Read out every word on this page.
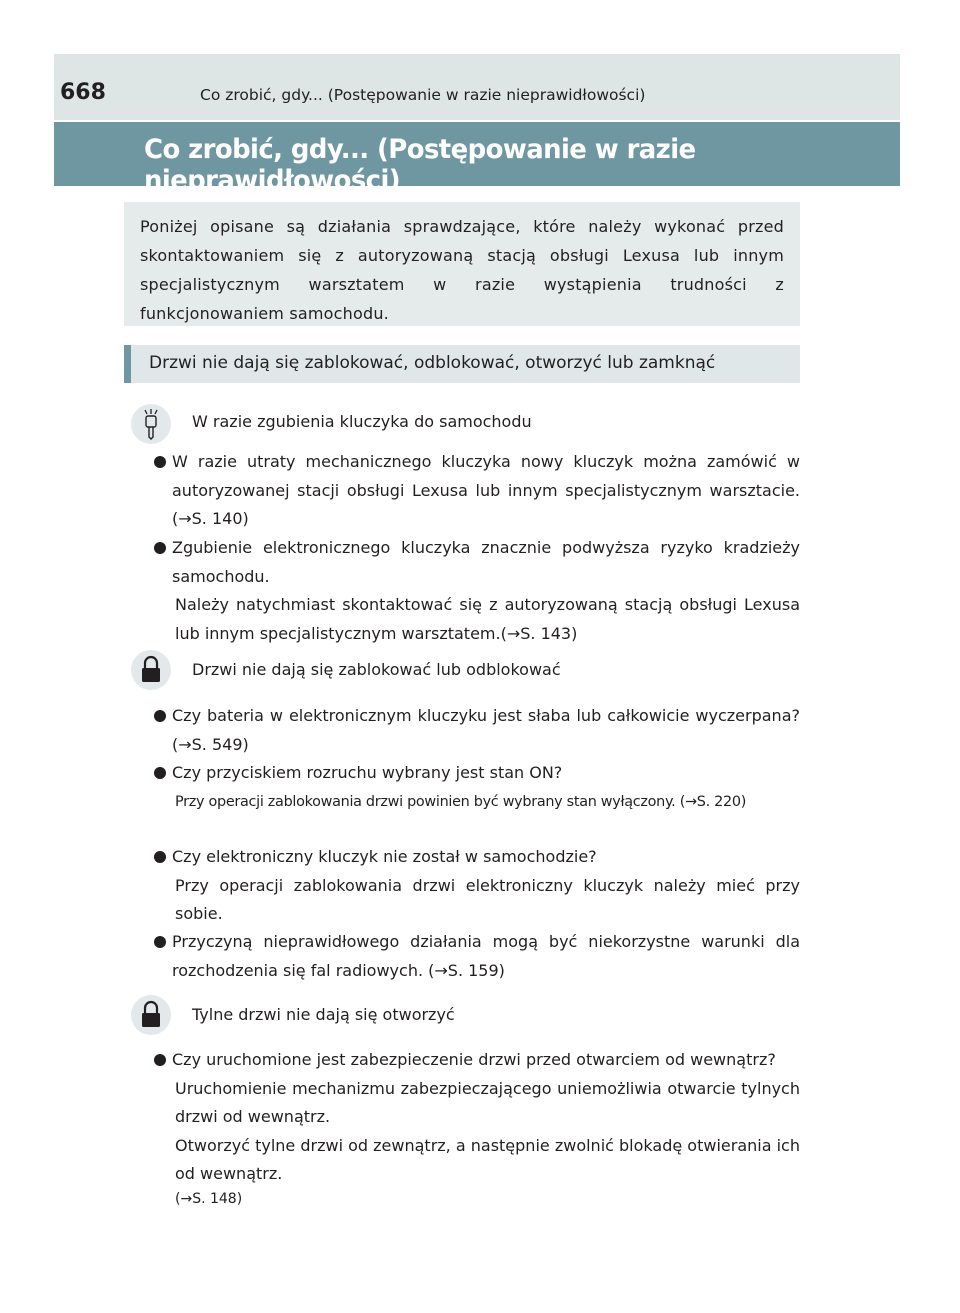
668	Co zrobić, gdy... (Postępowanie w razie nieprawidłowości)
Co zrobić, gdy... (Postępowanie w razie nieprawidłowości)

Poniżej opisane są działania sprawdzające, które należy wykonać przed skontaktowaniem się z autoryzowaną stacją obsługi Lexusa lub innym specjalistycznym warsztatem w razie wystąpienia trudności z funkcjonowaniem samochodu.

Drzwi nie dają się zablokować, odblokować, otworzyć lub zamknąć
W razie zgubienia kluczyka do samochodu
W razie utraty mechanicznego kluczyka nowy kluczyk można zamówić w autoryzowanej stacji obsługi Lexusa lub innym specjalistycznym warsztacie. (→S. 140)
Zgubienie elektronicznego kluczyka znacznie podwyższa ryzyko kradzieży samochodu.
Należy natychmiast skontaktować się z autoryzowaną stacją obsługi Lexusa lub innym specjalistycznym warsztatem.(→S. 143)
Drzwi nie dają się zablokować lub odblokować
Czy bateria w elektronicznym kluczyku jest słaba lub całkowicie wyczerpana? (→S. 549)
Czy przyciskiem rozruchu wybrany jest stan ON?
Przy operacji zablokowania drzwi powinien być wybrany stan wyłączony. (→S. 220)
Czy elektroniczny kluczyk nie został w samochodzie?
Przy operacji zablokowania drzwi elektroniczny kluczyk należy mieć przy sobie.
Przyczyną nieprawidłowego działania mogą być niekorzystne warunki dla rozchodzenia się fal radiowych. (→S. 159)
Tylne drzwi nie dają się otworzyć
Czy uruchomione jest zabezpieczenie drzwi przed otwarciem od wewnątrz?
Uruchomienie mechanizmu zabezpieczającego uniemożliwia otwarcie tylnych drzwi od wewnątrz.
Otworzyć tylne drzwi od zewnątrz, a następnie zwolnić blokadę otwierania ich od wewnątrz.
(→S. 148)
